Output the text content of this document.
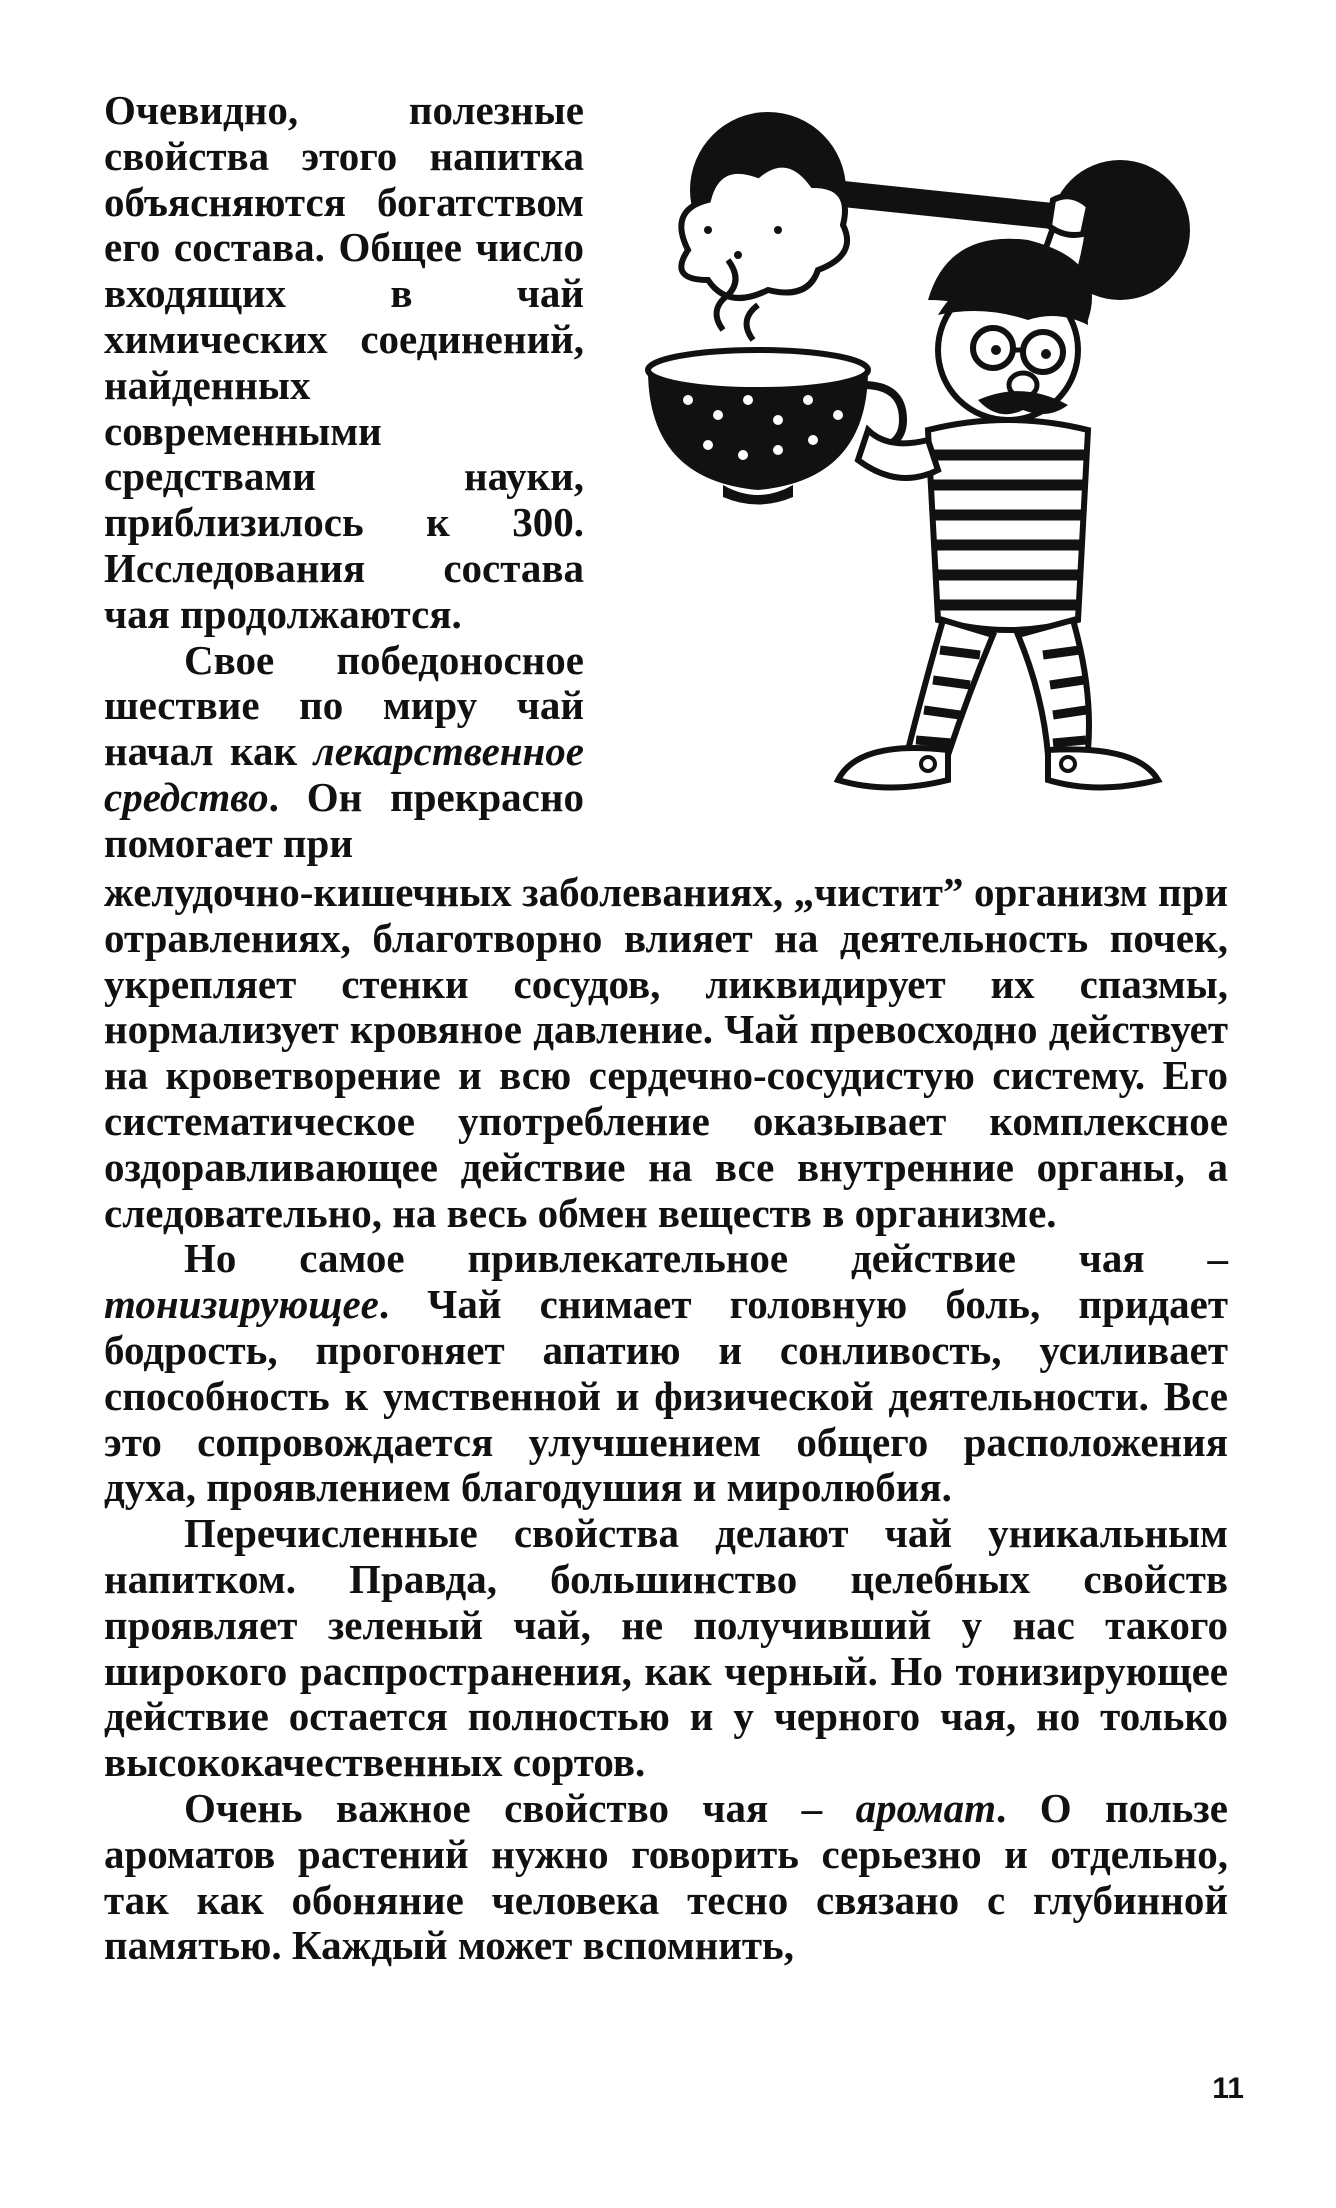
Очевидно, полезные свойства этого напитка объясняются богатством его состава. Общее число входящих в чай химических соединений, найденных современными средствами науки, приблизилось к 300. Исследования состава чая продолжаются.

Свое победоносное шествие по миру чай начал как лекарственное средство. Он прекрасно помогает при

желудочно-кишечных заболеваниях, „чистит” организм при отравлениях, благотворно влияет на деятельность почек, укрепляет стенки сосудов, ликвидирует их спазмы, нормализует кровяное давление. Чай превосходно действует на кроветворение и всю сердечно-сосудистую систему. Его систематическое употребление оказывает комплексное оздоравливающее действие на все внутренние органы, а следовательно, на весь обмен веществ в организме.

Но самое привлекательное действие чая – тонизирующее. Чай снимает головную боль, придает бодрость, прогоняет апатию и сонливость, усиливает способность к умственной и физической деятельности. Все это сопровождается улучшением общего расположения духа, проявлением благодушия и миролюбия.

Перечисленные свойства делают чай уникальным напитком. Правда, большинство целебных свойств проявляет зеленый чай, не получивший у нас такого широкого распространения, как черный. Но тонизирующее действие остается полностью и у черного чая, но только высококачественных сортов.

Очень важное свойство чая – аромат. О пользе ароматов растений нужно говорить серьезно и отдельно, так как обоняние человека тесно связано с глубинной памятью. Каждый может вспомнить,

11
